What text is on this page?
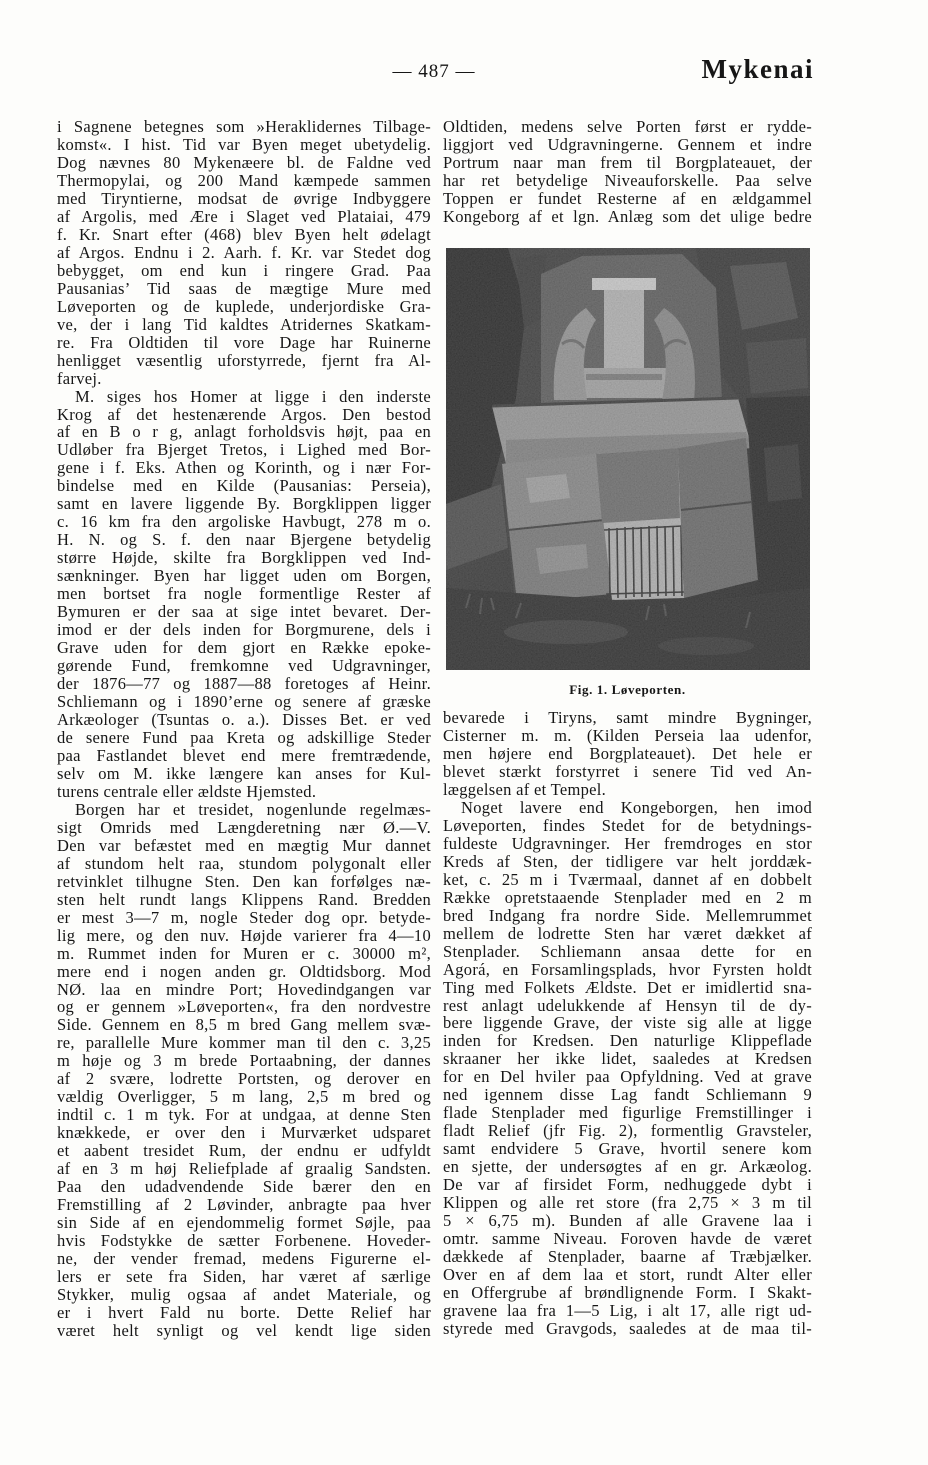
— 487 —	Mykenai
i Sagnene betegnes som »Heraklidernes Tilbage-
komst«. I hist. Tid var Byen meget ubetydelig.
Dog nævnes 80 Mykenæere bl. de Faldne ved
Thermopylai, og 200 Mand kæmpede sammen
med Tiryntierne, modsat de øvrige Indbyggere
af Argolis, med Ære i Slaget ved Plataiai, 479
f. Kr. Snart efter (468) blev Byen helt ødelagt
af Argos. Endnu i 2. Aarh. f. Kr. var Stedet dog
bebygget, om end kun i ringere Grad. Paa
Pausanias’ Tid saas de mægtige Mure med
Løveporten og de kuplede, underjordiske Gra-
ve, der i lang Tid kaldtes Atridernes Skatkam-
re. Fra Oldtiden til vore Dage har Ruinerne
henligget væsentlig uforstyrrede, fjernt fra Al-
farvej.
M. siges hos Homer at ligge i den inderste
Krog af det hestenærende Argos. Den bestod
af en B o r g, anlagt forholdsvis højt, paa en
Udløber fra Bjerget Tretos, i Lighed med Bor-
gene i f. Eks. Athen og Korinth, og i nær For-
bindelse med en Kilde (Pausanias: Perseia),
samt en lavere liggende By. Borgklippen ligger
c. 16 km fra den argoliske Havbugt, 278 m o.
H. N. og S. f. den naar Bjergene betydelig
større Højde, skilte fra Borgklippen ved Ind-
sænkninger. Byen har ligget uden om Borgen,
men bortset fra nogle formentlige Rester af
Bymuren er der saa at sige intet bevaret. Der-
imod er der dels inden for Borgmurene, dels i
Grave uden for dem gjort en Række epoke-
gørende Fund, fremkomne ved Udgravninger,
der 1876—77 og 1887—88 foretoges af Heinr.
Schliemann og i 1890’erne og senere af græske
Arkæologer (Tsuntas o. a.). Disses Bet. er ved
de senere Fund paa Kreta og adskillige Steder
paa Fastlandet blevet end mere fremtrædende,
selv om M. ikke længere kan anses for Kul-
turens centrale eller ældste Hjemsted.
Borgen har et tresidet, nogenlunde regelmæs-
sigt Omrids med Længderetning nær Ø.—V.
Den var befæstet med en mægtig Mur dannet
af stundom helt raa, stundom polygonalt eller
retvinklet tilhugne Sten. Den kan forfølges næ-
sten helt rundt langs Klippens Rand. Bredden
er mest 3—7 m, nogle Steder dog opr. betyde-
lig mere, og den nuv. Højde varierer fra 4—10
m. Rummet inden for Muren er c. 30000 m²,
mere end i nogen anden gr. Oldtidsborg. Mod
NØ. laa en mindre Port; Hovedindgangen var
og er gennem »Løveporten«, fra den nordvestre
Side. Gennem en 8,5 m bred Gang mellem svæ-
re, parallelle Mure kommer man til den c. 3,25
m høje og 3 m brede Portaabning, der dannes
af 2 svære, lodrette Portsten, og derover en
vældig Overligger, 5 m lang, 2,5 m bred og
indtil c. 1 m tyk. For at undgaa, at denne Sten
knækkede, er over den i Murværket udsparet
et aabent tresidet Rum, der endnu er udfyldt
af en 3 m høj Reliefplade af graalig Sandsten.
Paa den udadvendende Side bærer den en
Fremstilling af 2 Løvinder, anbragte paa hver
sin Side af en ejendommelig formet Søjle, paa
hvis Fodstykke de sætter Forbenene. Hoveder-
ne, der vender fremad, medens Figurerne el-
lers er sete fra Siden, har været af særlige
Stykker, mulig ogsaa af andet Materiale, og
er i hvert Fald nu borte. Dette Relief har
været helt synligt og vel kendt lige siden
Oldtiden, medens selve Porten først er rydde-
liggjort ved Udgravningerne. Gennem et indre
Portrum naar man frem til Borgplateauet, der
har ret betydelige Niveauforskelle. Paa selve
Toppen er fundet Resterne af en ældgammel
Kongeborg af et lgn. Anlæg som det ulige bedre
Fig. 1. Løveporten.
bevarede i Tiryns, samt mindre Bygninger,
Cisterner m. m. (Kilden Perseia laa udenfor,
men højere end Borgplateauet). Det hele er
blevet stærkt forstyrret i senere Tid ved An-
læggelsen af et Tempel.
Noget lavere end Kongeborgen, hen imod
Løveporten, findes Stedet for de betydnings-
fuldeste Udgravninger. Her fremdroges en stor
Kreds af Sten, der tidligere var helt jorddæk-
ket, c. 25 m i Tværmaal, dannet af en dobbelt
Række opretstaaende Stenplader med en 2 m
bred Indgang fra nordre Side. Mellemrummet
mellem de lodrette Sten har været dækket af
Stenplader. Schliemann ansaa dette for en
Agorá, en Forsamlingsplads, hvor Fyrsten holdt
Ting med Folkets Ældste. Det er imidlertid sna-
rest anlagt udelukkende af Hensyn til de dy-
bere liggende Grave, der viste sig alle at ligge
inden for Kredsen. Den naturlige Klippeflade
skraaner her ikke lidet, saaledes at Kredsen
for en Del hviler paa Opfyldning. Ved at grave
ned igennem disse Lag fandt Schliemann 9
flade Stenplader med figurlige Fremstillinger i
fladt Relief (jfr Fig. 2), formentlig Gravsteler,
samt endvidere 5 Grave, hvortil senere kom
en sjette, der undersøgtes af en gr. Arkæolog.
De var af firsidet Form, nedhuggede dybt i
Klippen og alle ret store (fra 2,75 × 3 m til
5 × 6,75 m). Bunden af alle Gravene laa i
omtr. samme Niveau. Foroven havde de været
dækkede af Stenplader, baarne af Træbjælker.
Over en af dem laa et stort, rundt Alter eller
en Offergrube af brøndlignende Form. I Skakt-
gravene laa fra 1—5 Lig, i alt 17, alle rigt ud-
styrede med Gravgods, saaledes at de maa til-
